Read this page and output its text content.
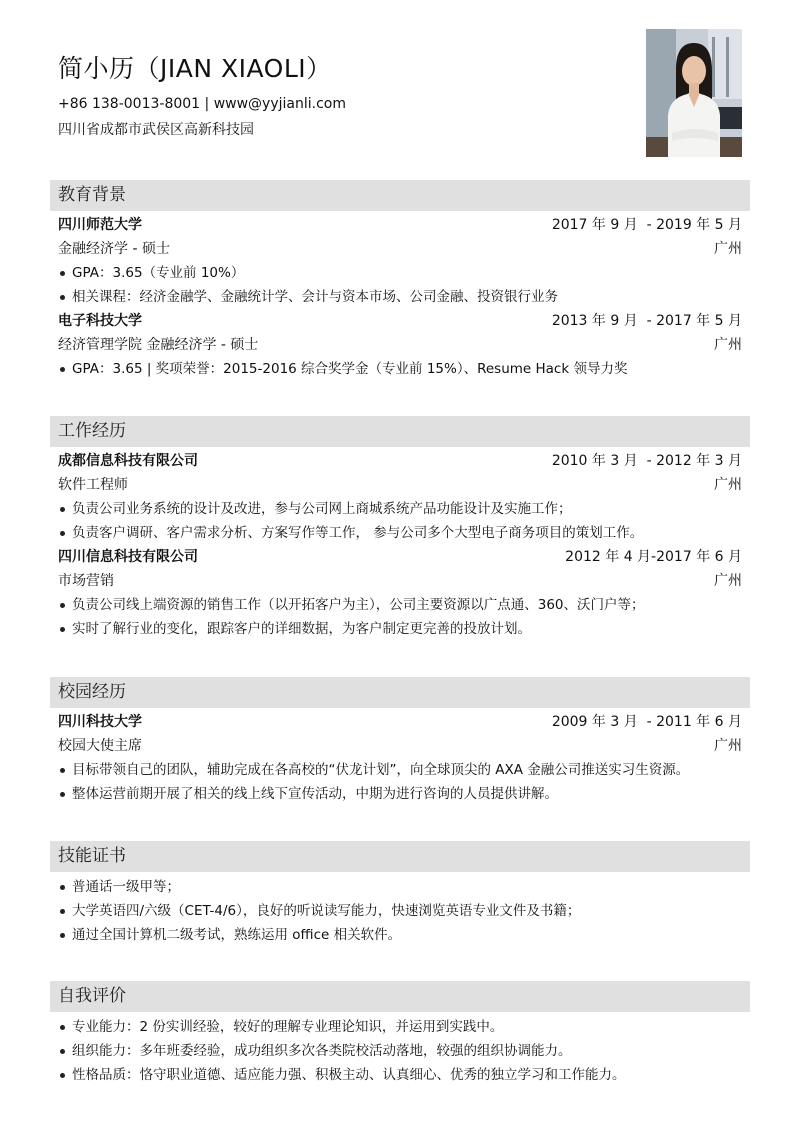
简小历（JIAN XIAOLI）
+86 138-0013-8001 | www@yyjianli.com
四川省成都市武侯区高新科技园
教育背景
四川师范大学	2017 年 9 月  - 2019 年 5 月
金融经济学 - 硕士	广州
GPA：3.65（专业前 10%）
相关课程：经济金融学、金融统计学、会计与资本市场、公司金融、投资银行业务
电子科技大学	2013 年 9 月  - 2017 年 5 月
经济管理学院 金融经济学 - 硕士	广州
GPA：3.65 | 奖项荣誉：2015-2016 综合奖学金（专业前 15%）、Resume Hack 领导力奖
工作经历
成都信息科技有限公司	2010 年 3 月  - 2012 年 3 月
软件工程师	广州
负责公司业务系统的设计及改进，参与公司网上商城系统产品功能设计及实施工作；
负责客户调研、客户需求分析、方案写作等工作， 参与公司多个大型电子商务项目的策划工作。
四川信息科技有限公司	2012 年 4 月-2017 年 6 月
市场营销	广州
负责公司线上端资源的销售工作（以开拓客户为主），公司主要资源以广点通、360、沃门户等；
实时了解行业的变化，跟踪客户的详细数据，为客户制定更完善的投放计划。
校园经历
四川科技大学	2009 年 3 月  - 2011 年 6 月
校园大使主席	广州
目标带领自己的团队，辅助完成在各高校的“伏龙计划”，向全球顶尖的 AXA 金融公司推送实习生资源。
整体运营前期开展了相关的线上线下宣传活动，中期为进行咨询的人员提供讲解。
技能证书
普通话一级甲等；
大学英语四/六级（CET-4/6），良好的听说读写能力，快速浏览英语专业文件及书籍；
通过全国计算机二级考试，熟练运用 office 相关软件。
自我评价
专业能力：2 份实训经验，较好的理解专业理论知识，并运用到实践中。
组织能力：多年班委经验，成功组织多次各类院校活动落地，较强的组织协调能力。
性格品质：恪守职业道德、适应能力强、积极主动、认真细心、优秀的独立学习和工作能力。
